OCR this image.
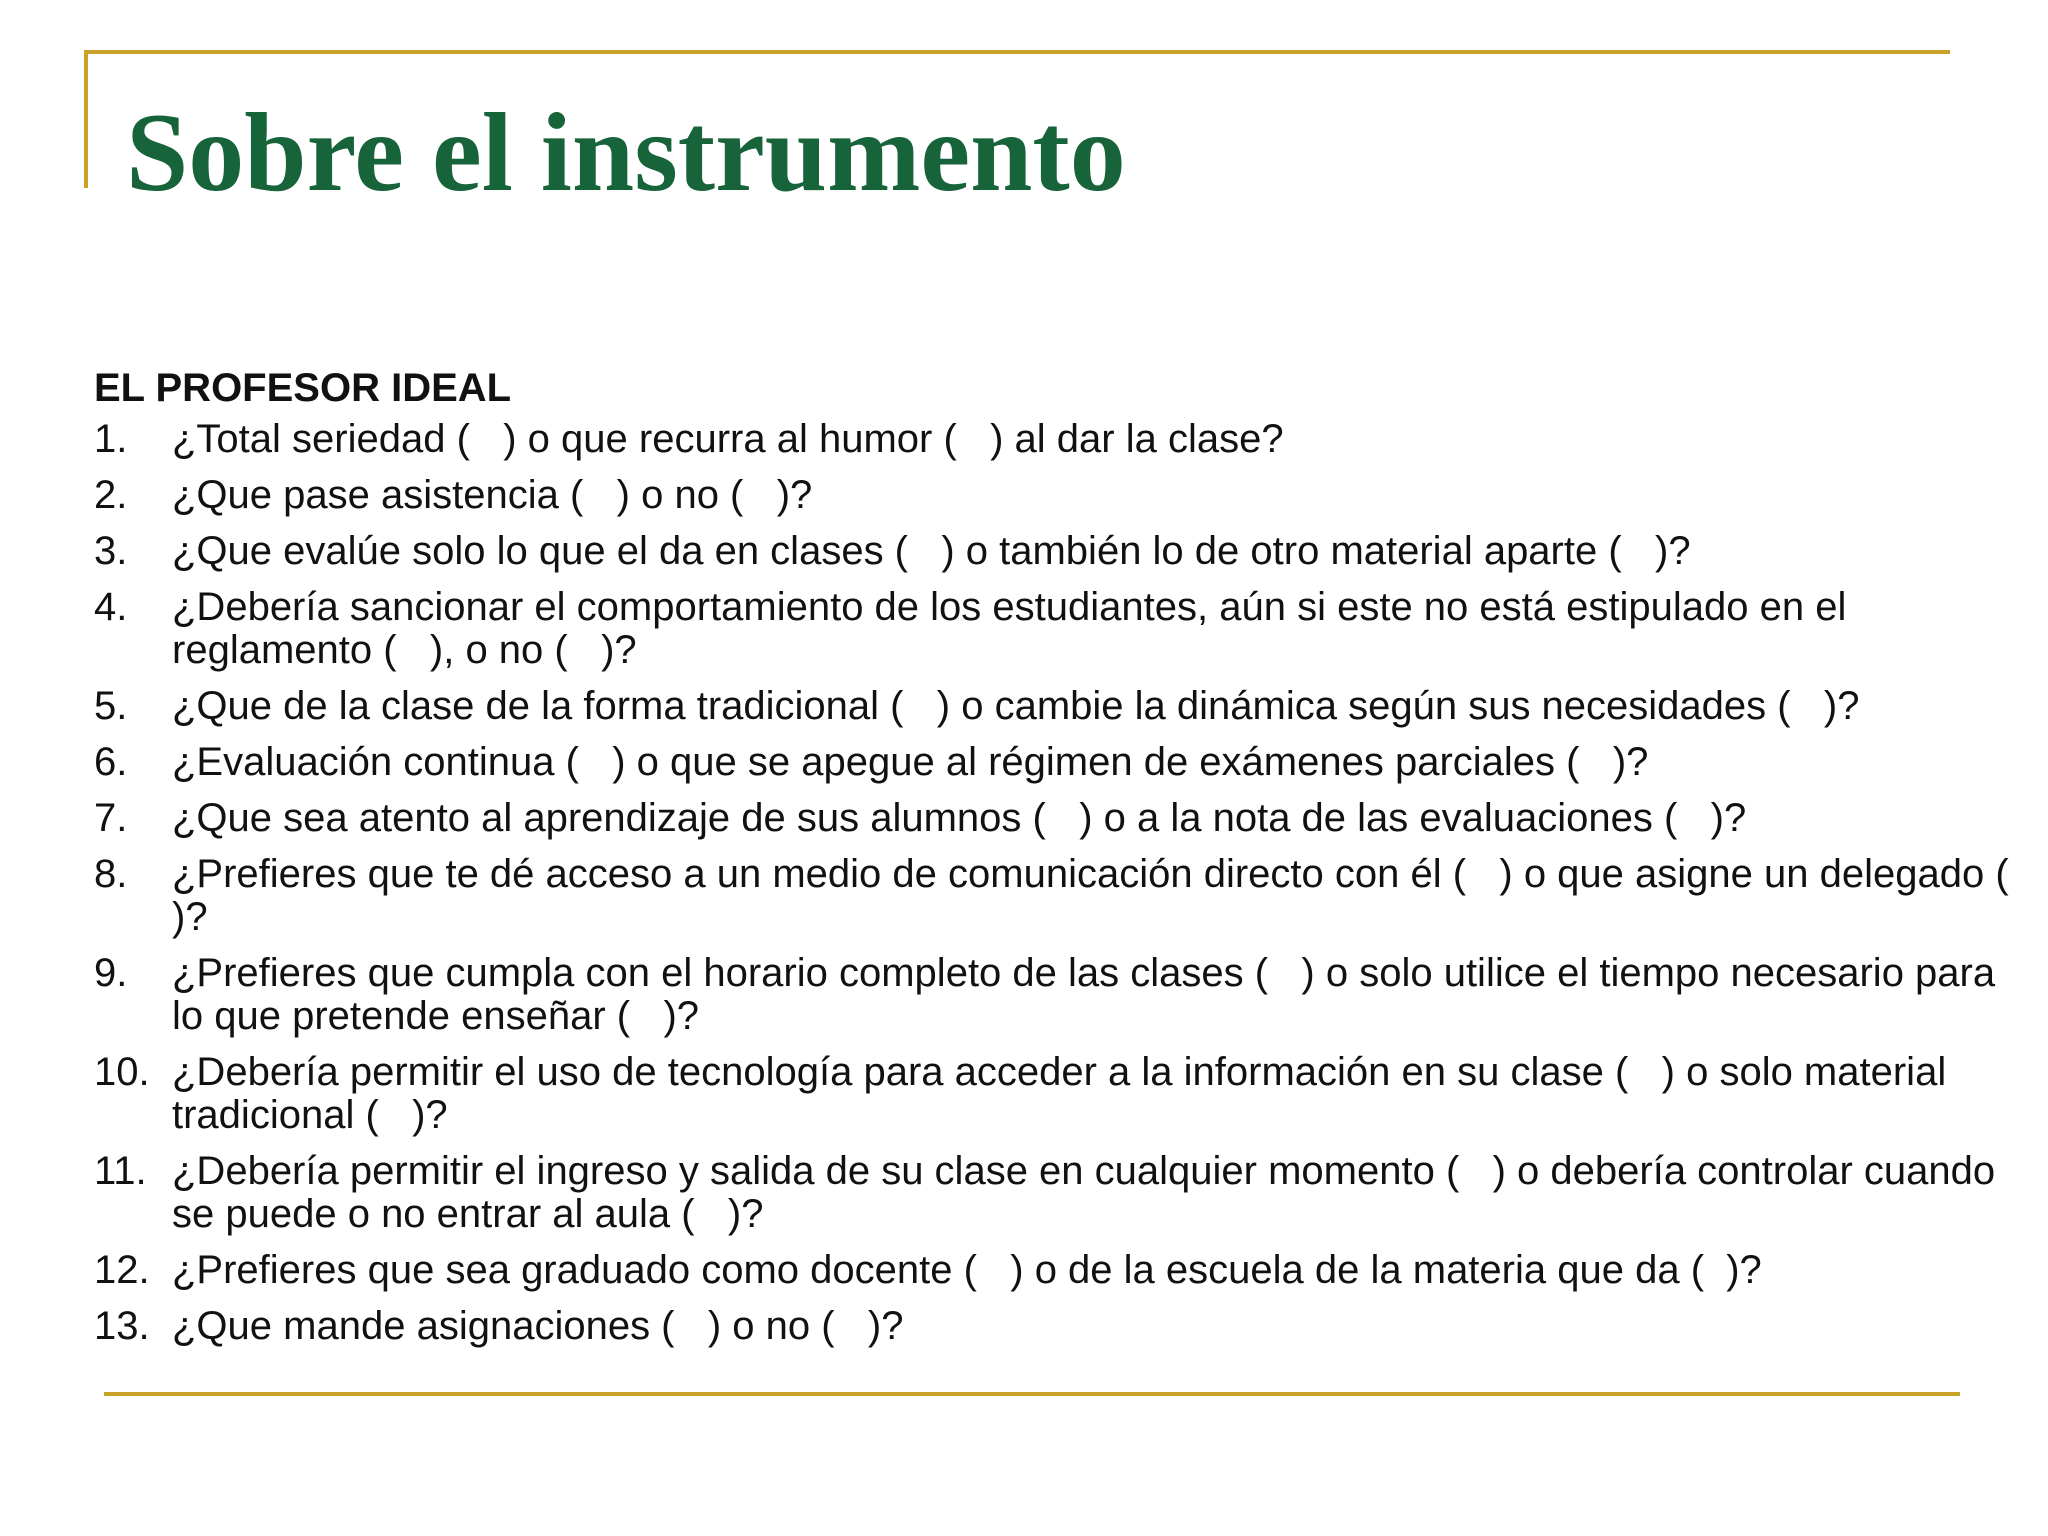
Sobre el instrumento
EL PROFESOR IDEAL
1.	¿Total seriedad (   ) o que recurra al humor (   ) al dar la clase?
2.	¿Que pase asistencia (   ) o no (   )?
3.	¿Que evalúe solo lo que el da en clases (   ) o también lo de otro material aparte (   )?
4.	¿Debería sancionar el comportamiento de los estudiantes, aún si este no está estipulado en el reglamento (   ), o no (   )?
5.	¿Que de la clase de la forma tradicional (   ) o cambie la dinámica según sus necesidades (   )?
6.	¿Evaluación continua (   ) o que se apegue al régimen de exámenes parciales (   )?
7.	¿Que sea atento al aprendizaje de sus alumnos (   ) o a la nota de las evaluaciones (   )?
8.	¿Prefieres que te dé acceso a un medio de comunicación directo con él (   ) o que asigne un delegado (   )?
9.	¿Prefieres que cumpla con el horario completo de las clases (   ) o solo utilice el tiempo necesario para lo que pretende enseñar (   )?
10. ¿Debería permitir el uso de tecnología para acceder a la información en su clase (   ) o solo material tradicional (   )?
11. ¿Debería permitir el ingreso y salida de su clase en cualquier momento (   ) o debería controlar cuando se puede o no entrar al aula (   )?
12. ¿Prefieres que sea graduado como docente (   ) o de la escuela de la materia que da (  )?
13. ¿Que mande asignaciones (   ) o no (   )?
